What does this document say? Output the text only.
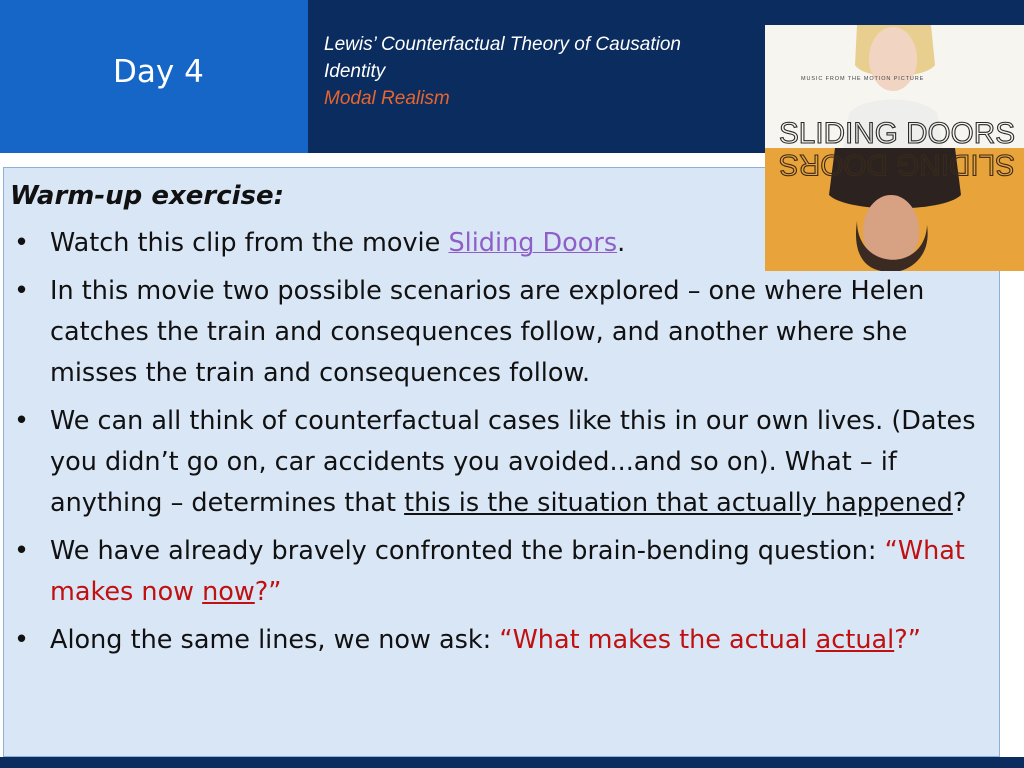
Day 4
Lewis’ Counterfactual Theory of Causation
Identity
Modal Realism
Warm-up exercise:
• Watch this clip from the movie Sliding Doors.
• In this movie two possible scenarios are explored – one where Helen catches the train and consequences follow, and another where she misses the train and consequences follow.
• We can all think of counterfactual cases like this in our own lives. (Dates you didn’t go on, car accidents you avoided...and so on). What – if anything – determines that this is the situation that actually happened?
• We have already bravely confronted the brain-bending question: “What makes now now?”
• Along the same lines, we now ask: “What makes the actual actual?”
MUSIC FROM THE MOTION PICTURE
SLIDING DOORS
SLIDING DOORS
